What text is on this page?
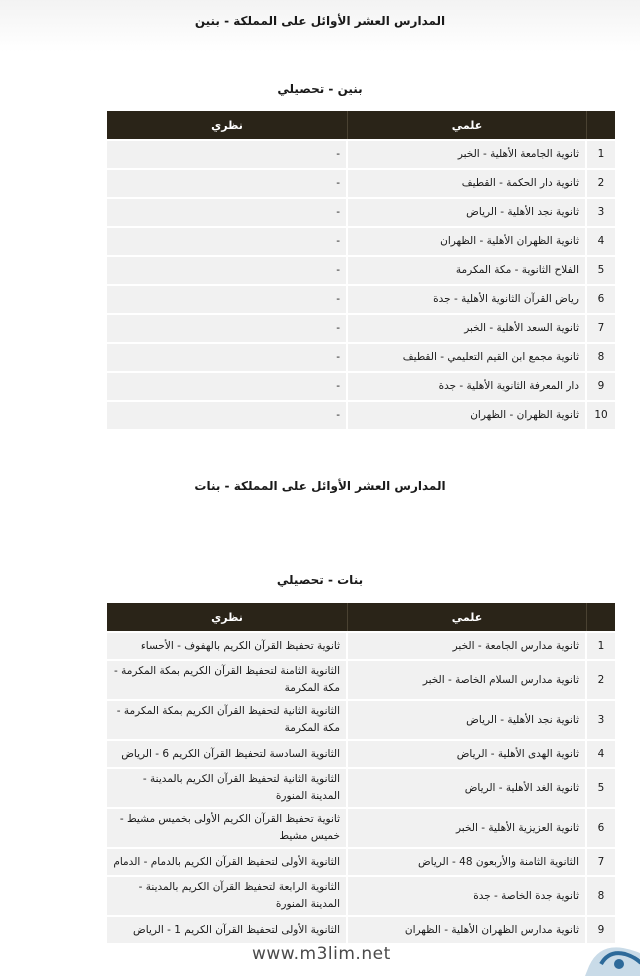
المدارس العشر الأوائل على المملكة - بنين
بنين - تحصيلي
	علمي	نظري
1	ثانوية الجامعة الأهلية - الخبر	-
2	ثانوية دار الحكمة - القطيف	-
3	ثانوية نجد الأهلية - الرياض	-
4	ثانوية الظهران الأهلية - الظهران	-
5	الفلاح الثانوية - مكة المكرمة	-
6	رياض القرآن الثانوية الأهلية - جدة	-
7	ثانوية السعد الأهلية - الخبر	-
8	ثانوية مجمع ابن القيم التعليمي - القطيف	-
9	دار المعرفة الثانوية الأهلية - جدة	-
10	ثانوية الظهران - الظهران	-
المدارس العشر الأوائل على المملكة - بنات
بنات - تحصيلي
	علمي	نظري
1	ثانوية مدارس الجامعة - الخبر	ثانوية تحفيظ القرآن الكريم بالهفوف - الأحساء
2	ثانوية مدارس السلام الخاصة - الخبر	الثانوية الثامنة لتحفيظ القرآن الكريم بمكة المكرمة - مكة المكرمة
3	ثانوية نجد الأهلية - الرياض	الثانوية الثانية لتحفيظ القرآن الكريم بمكة المكرمة - مكة المكرمة
4	ثانوية الهدى الأهلية - الرياض	الثانوية السادسة لتحفيظ القرآن الكريم 6 - الرياض
5	ثانوية الغد الأهلية - الرياض	الثانوية الثانية لتحفيظ القرآن الكريم بالمدينة - المدينة المنورة
6	ثانوية العزيزية الأهلية - الخبر	ثانوية تحفيظ القرآن الكريم الأولى بخميس مشيط - خميس مشيط
7	الثانوية الثامنة والأربعون 48 - الرياض	الثانوية الأولى لتحفيظ القرآن الكريم بالدمام - الدمام
8	ثانوية جدة الخاصة - جدة	الثانوية الرابعة لتحفيظ القرآن الكريم بالمدينة - المدينة المنورة
9	ثانوية مدارس الظهران الأهلية - الظهران	الثانوية الأولى لتحفيظ القرآن الكريم 1 - الرياض
www.m3lim.net
